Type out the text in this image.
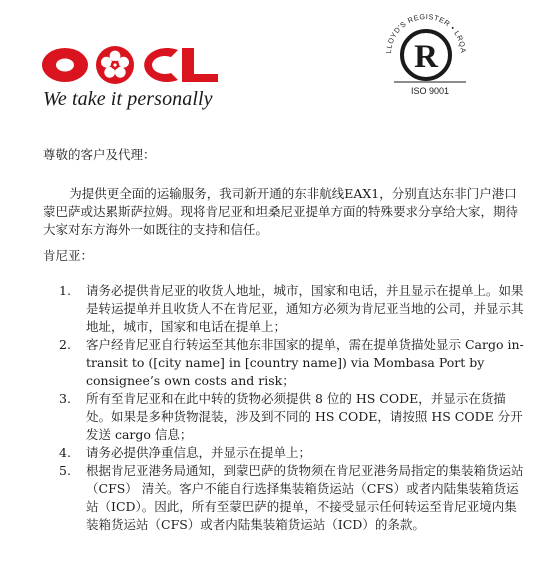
We take it personally

LLOYD'S REGISTER • LRQA
R
ISO 9001

尊敬的客户及代理：

为提供更全面的运输服务，我司新开通的东非航线EAX1，分别直达东非门户港口蒙巴萨或达累斯萨拉姆。现将肯尼亚和坦桑尼亚提单方面的特殊要求分享给大家，期待大家对东方海外一如既往的支持和信任。

肯尼亚：

1. 请务必提供肯尼亚的收货人地址，城市，国家和电话，并且显示在提单上。如果是转运提单并且收货人不在肯尼亚，通知方必须为肯尼亚当地的公司，并显示其地址，城市，国家和电话在提单上；
2. 客户经肯尼亚自行转运至其他东非国家的提单，需在提单货描处显示 Cargo in-transit to ([city name] in [country name]) via Mombasa Port by consignee’s own costs and risk；
3. 所有至肯尼亚和在此中转的货物必须提供 8 位的 HS CODE，并显示在货描处。如果是多种货物混装，涉及到不同的 HS CODE，请按照 HS CODE 分开发送 cargo 信息；
4. 请务必提供净重信息，并显示在提单上；
5. 根据肯尼亚港务局通知，到蒙巴萨的货物须在肯尼亚港务局指定的集装箱货运站（CFS） 清关。客户不能自行选择集装箱货运站（CFS）或者内陆集装箱货运站（ICD）。因此，所有至蒙巴萨的提单，不接受显示任何转运至肯尼亚境内集装箱货运站（CFS）或者内陆集装箱货运站（ICD）的条款。
